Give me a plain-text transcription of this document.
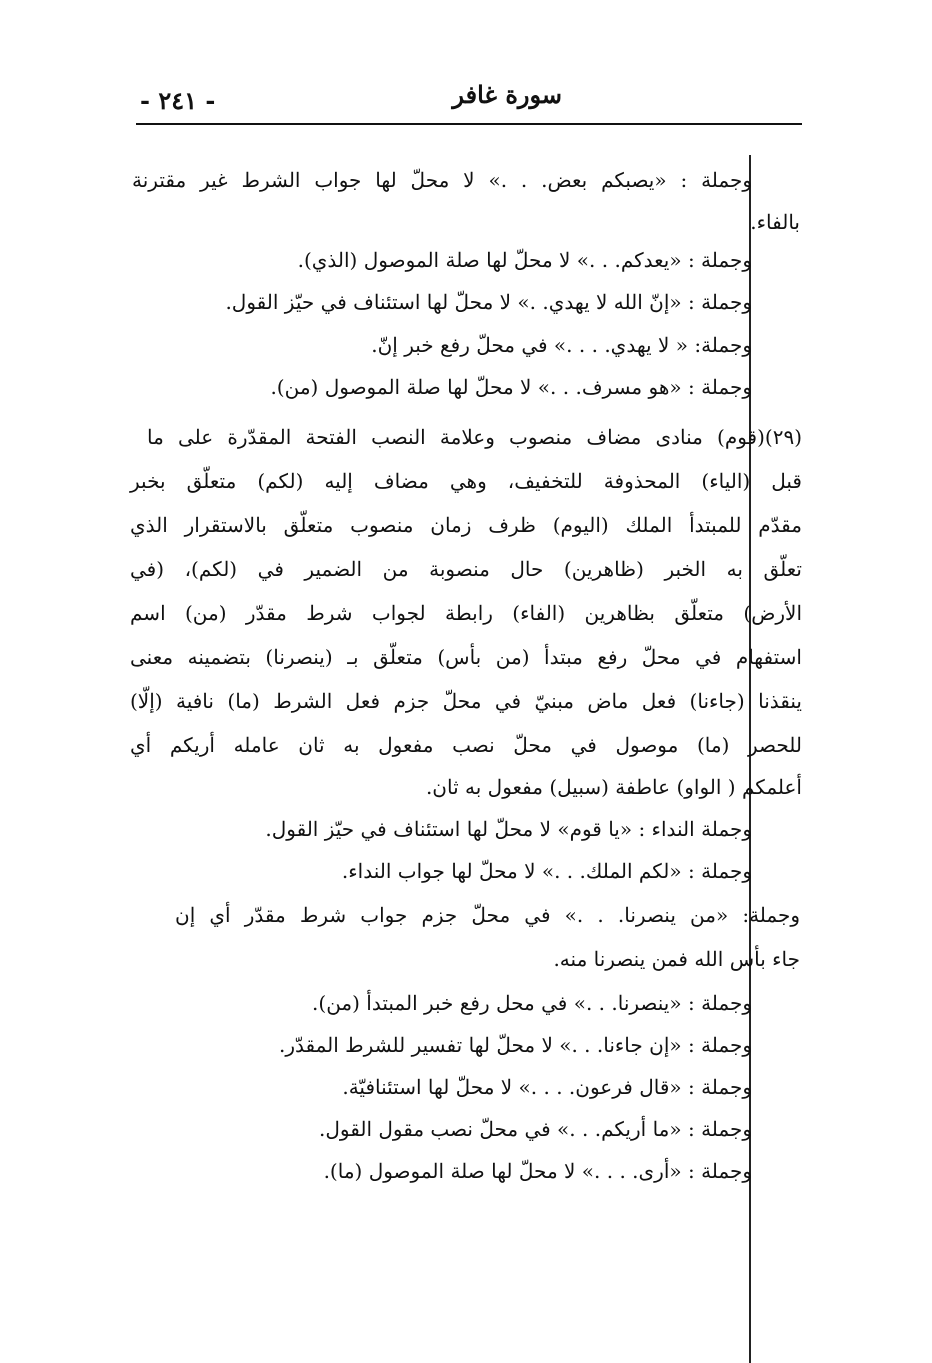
سورة غافر
- ٢٤١ -
وجملة : «يصبكم بعض. . .» لا محلّ لها جواب الشرط غير مقترنة
بالفاء.
وجملة : «يعدكم. . .» لا محلّ لها صلة الموصول (الذي).
وجملة : «إنّ الله لا يهدي. .» لا محلّ لها استئناف في حيّز القول.
وجملة: « لا يهدي. . . .» في محلّ رفع خبر إنّ.
وجملة : «هو مسرف. . .» لا محلّ لها صلة الموصول (من).
(٢٩)(قوم) منادى مضاف منصوب وعلامة النصب الفتحة المقدّرة على ما
قبل (الياء) المحذوفة للتخفيف، وهي مضاف إليه (لكم) متعلّق بخبر
مقدّم للمبتدأ الملك (اليوم) ظرف زمان منصوب متعلّق بالاستقرار الذي
تعلّق به الخبر (ظاهرين) حال منصوبة من الضمير في (لكم)، (في
الأرض) متعلّق بظاهرين (الفاء) رابطة لجواب شرط مقدّر (من) اسم
استفهام في محلّ رفع مبتدأ (من بأس) متعلّق بـ (ينصرنا) بتضمينه معنى
ينقذنا (جاءنا) فعل ماض مبنيّ في محلّ جزم فعل الشرط (ما) نافية (إلّا)
للحصر (ما) موصول في محلّ نصب مفعول به ثان عامله أريكم أي
أعلمكم ( الواو) عاطفة (سبيل) مفعول به ثان.
وجملة النداء : «يا قوم» لا محلّ لها استئناف في حيّز القول.
وجملة : «لكم الملك. . .» لا محلّ لها جواب النداء.
وجملة: «من ينصرنا. . .» في محلّ جزم جواب شرط مقدّر أي إن
جاء بأس الله فمن ينصرنا منه.
وجملة : «ينصرنا. . .» في محل رفع خبر المبتدأ (من).
وجملة : «إن جاءنا. . .» لا محلّ لها تفسير للشرط المقدّر.
وجملة : «قال فرعون. . . .» لا محلّ لها استئنافيّة.
وجملة : «ما أريكم. . .» في محلّ نصب مقول القول.
وجملة : «أرى. . . .» لا محلّ لها صلة الموصول (ما).
